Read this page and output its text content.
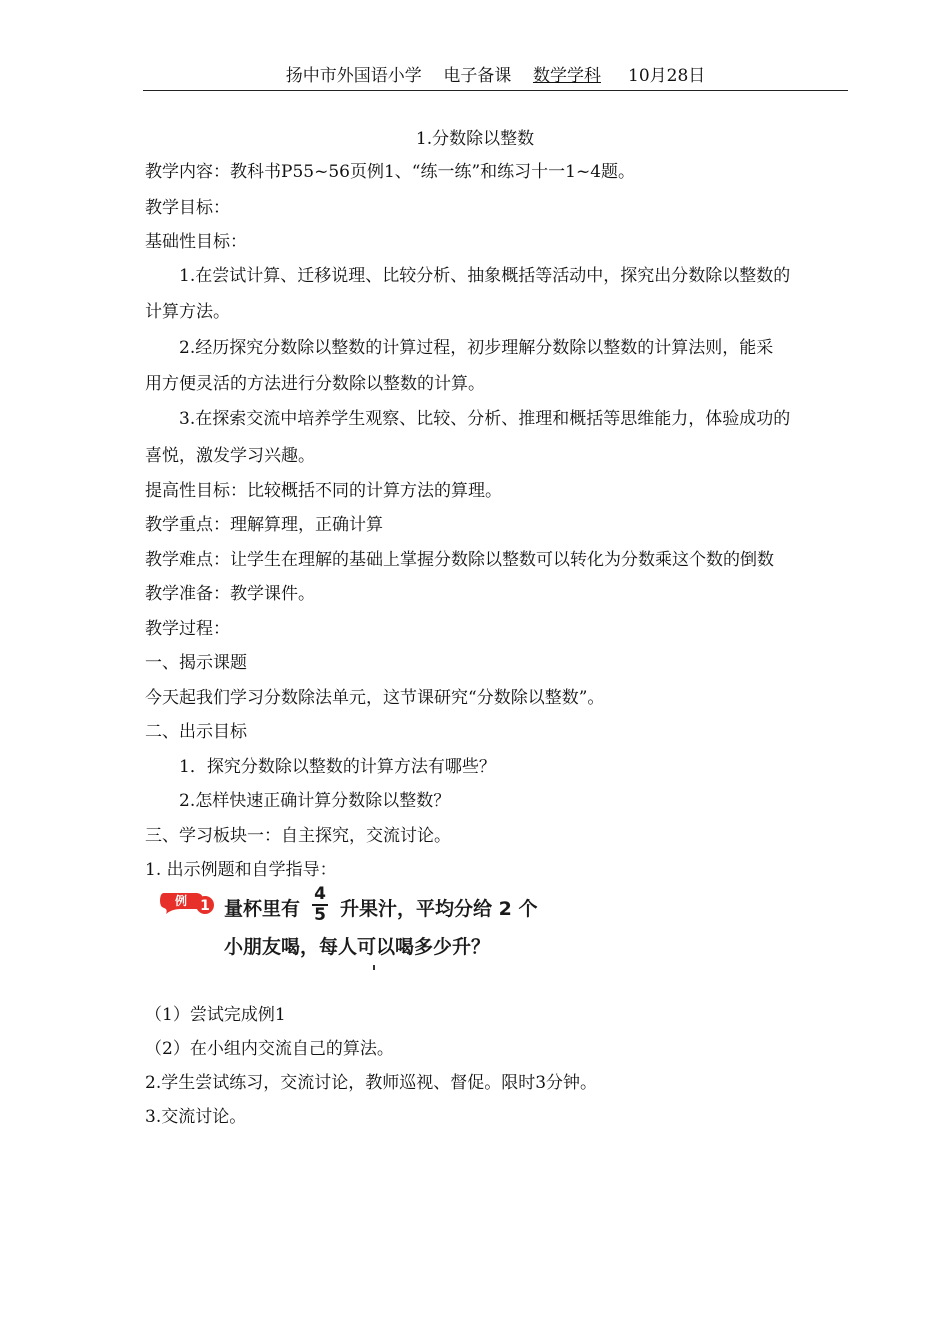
扬中市外国语小学 电子备课 数学学科 10月28日
1.分数除以整数
教学内容：教科书P55~56页例1、“练一练”和练习十一1~4题。
教学目标：
基础性目标：
　　1.在尝试计算、迁移说理、比较分析、抽象概括等活动中，探究出分数除以整数的
计算方法。
　　2.经历探究分数除以整数的计算过程，初步理解分数除以整数的计算法则，能采
用方便灵活的方法进行分数除以整数的计算。
　　3.在探索交流中培养学生观察、比较、分析、推理和概括等思维能力，体验成功的
喜悦，激发学习兴趣。
提高性目标：比较概括不同的计算方法的算理。
教学重点：理解算理，正确计算
教学难点：让学生在理解的基础上掌握分数除以整数可以转化为分数乘这个数的倒数
教学准备：教学课件。
教学过程：
一、揭示课题
今天起我们学习分数除法单元，这节课研究“分数除以整数”。
二、出示目标
　　1．探究分数除以整数的计算方法有哪些？
　　2.怎样快速正确计算分数除以整数？
三、学习板块一：自主探究，交流讨论。
1. 出示例题和自学指导：
例 1 量杯里有 $\frac{4}{5}$ 升果汁，平均分给 2 个
小朋友喝，每人可以喝多少升？
（1）尝试完成例1
（2）在小组内交流自己的算法。
2.学生尝试练习，交流讨论，教师巡视、督促。限时3分钟。
3.交流讨论。
